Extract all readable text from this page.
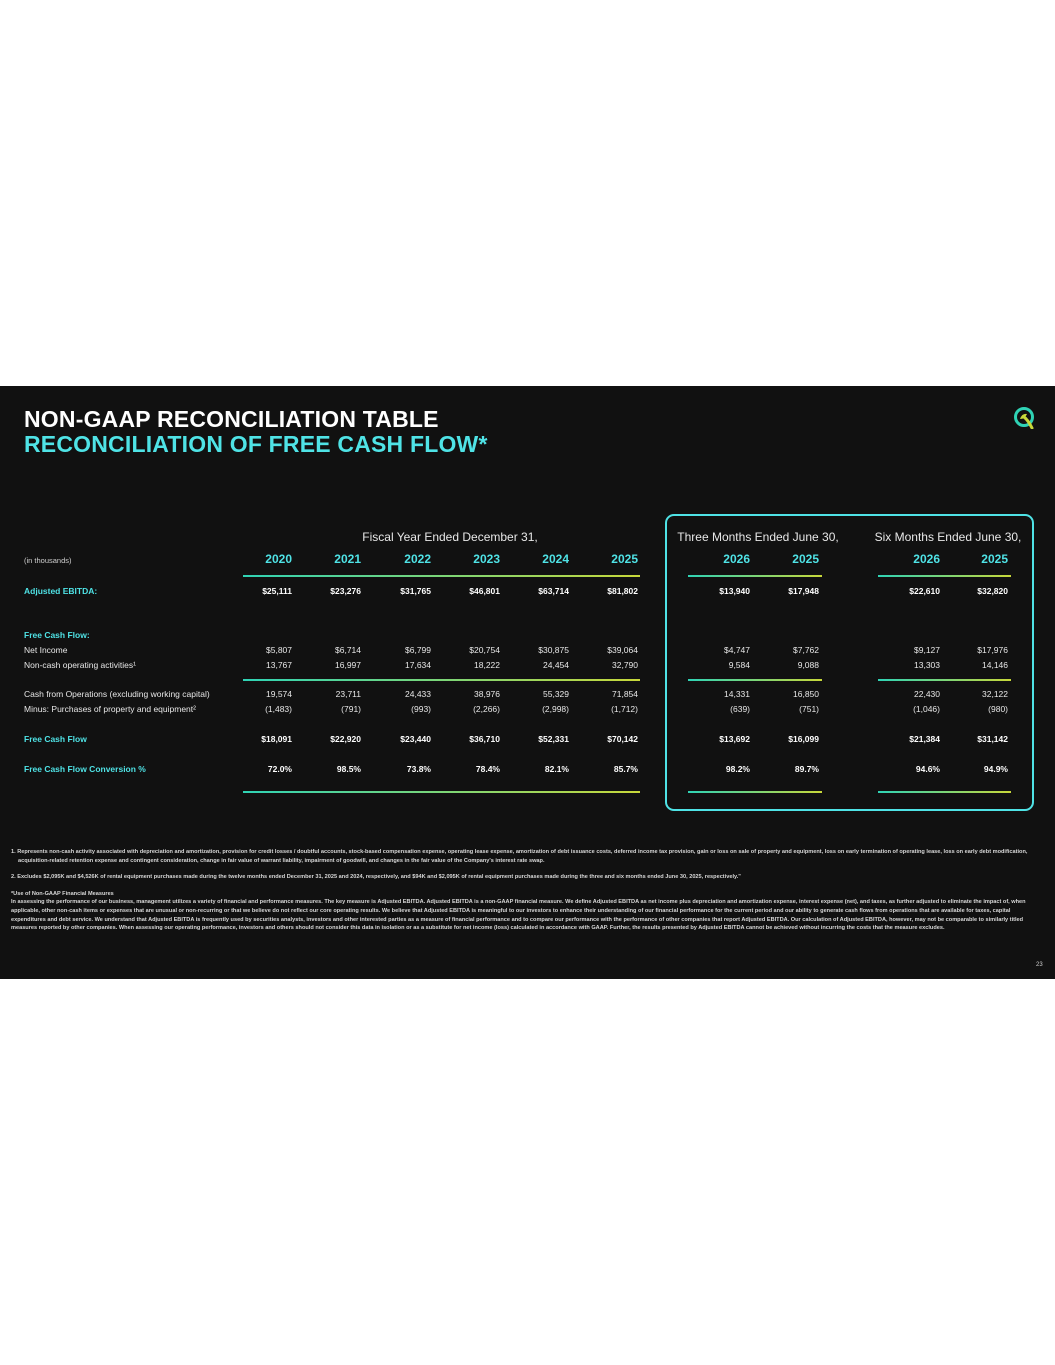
NON-GAAP RECONCILIATION TABLE
RECONCILIATION OF FREE CASH FLOW*
Fiscal Year Ended December 31,	Three Months Ended June 30,	Six Months Ended June 30,
(in thousands)	2020	2021	2022	2023	2024	2025	2026	2025	2026	2025
Adjusted EBITDA:	$25,111	$23,276	$31,765	$46,801	$63,714	$81,802	$13,940	$17,948	$22,610	$32,820
Free Cash Flow:
Net Income	$5,807	$6,714	$6,799	$20,754	$30,875	$39,064	$4,747	$7,762	$9,127	$17,976
Non-cash operating activities¹	13,767	16,997	17,634	18,222	24,454	32,790	9,584	9,088	13,303	14,146
Cash from Operations (excluding working capital)	19,574	23,711	24,433	38,976	55,329	71,854	14,331	16,850	22,430	32,122
Minus: Purchases of property and equipment²	(1,483)	(791)	(993)	(2,266)	(2,998)	(1,712)	(639)	(751)	(1,046)	(980)
Free Cash Flow	$18,091	$22,920	$23,440	$36,710	$52,331	$70,142	$13,692	$16,099	$21,384	$31,142
Free Cash Flow Conversion %	72.0%	98.5%	73.8%	78.4%	82.1%	85.7%	98.2%	89.7%	94.6%	94.9%

1. Represents non-cash activity associated with depreciation and amortization, provision for credit losses / doubtful accounts, stock-based compensation expense, operating lease expense, amortization of debt issuance costs, deferred income tax provision, gain or loss on sale of property and equipment, loss on early termination of operating lease, loss on early debt modification, acquisition-related retention expense and contingent consideration, change in fair value of warrant liability, impairment of goodwill, and changes in the fair value of the Company's interest rate swap.

2. Excludes $2,095K and $4,526K of rental equipment purchases made during the twelve months ended December 31, 2025 and 2024, respectively, and $94K and $2,095K of rental equipment purchases made during the three and six months ended June 30, 2025, respectively."

*Use of Non-GAAP Financial Measures

In assessing the performance of our business, management utilizes a variety of financial and performance measures. The key measure is Adjusted EBITDA. Adjusted EBITDA is a non-GAAP financial measure. We define Adjusted EBITDA as net income plus depreciation and amortization expense, interest expense (net), and taxes, as further adjusted to eliminate the impact of, when applicable, other non-cash items or expenses that are unusual or non-recurring or that we believe do not reflect our core operating results. We believe that Adjusted EBITDA is meaningful to our investors to enhance their understanding of our financial performance for the current period and our ability to generate cash flows from operations that are available for taxes, capital expenditures and debt service. We understand that Adjusted EBITDA is frequently used by securities analysts, investors and other interested parties as a measure of financial performance and to compare our performance with the performance of other companies that report Adjusted EBITDA. Our calculation of Adjusted EBITDA, however, may not be comparable to similarly titled measures reported by other companies. When assessing our operating performance, investors and others should not consider this data in isolation or as a substitute for net income (loss) calculated in accordance with GAAP. Further, the results presented by Adjusted EBITDA cannot be achieved without incurring the costs that the measure excludes.

23
